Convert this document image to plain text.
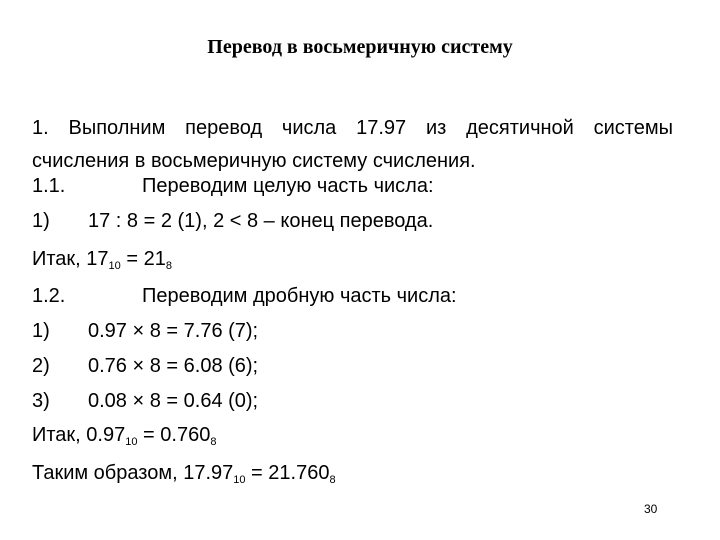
Перевод в восьмеричную систему
1. Выполним перевод числа 17.97 из десятичной системы счисления в восьмеричную систему счисления.
1.1.	Переводим целую часть числа:
1) 17 : 8 = 2 (1), 2 < 8 – конец перевода.
Итак, $17_{10} = 21_8$
1.2.	Переводим дробную часть числа:
1) 0.97 × 8 = 7.76 (7);
2) 0.76 × 8 = 6.08 (6);
3) 0.08 × 8 = 0.64 (0);
Итак, $0.97_{10} = 0.760_8$
Таким образом, $17.97_{10} = 21.760_8$
30
